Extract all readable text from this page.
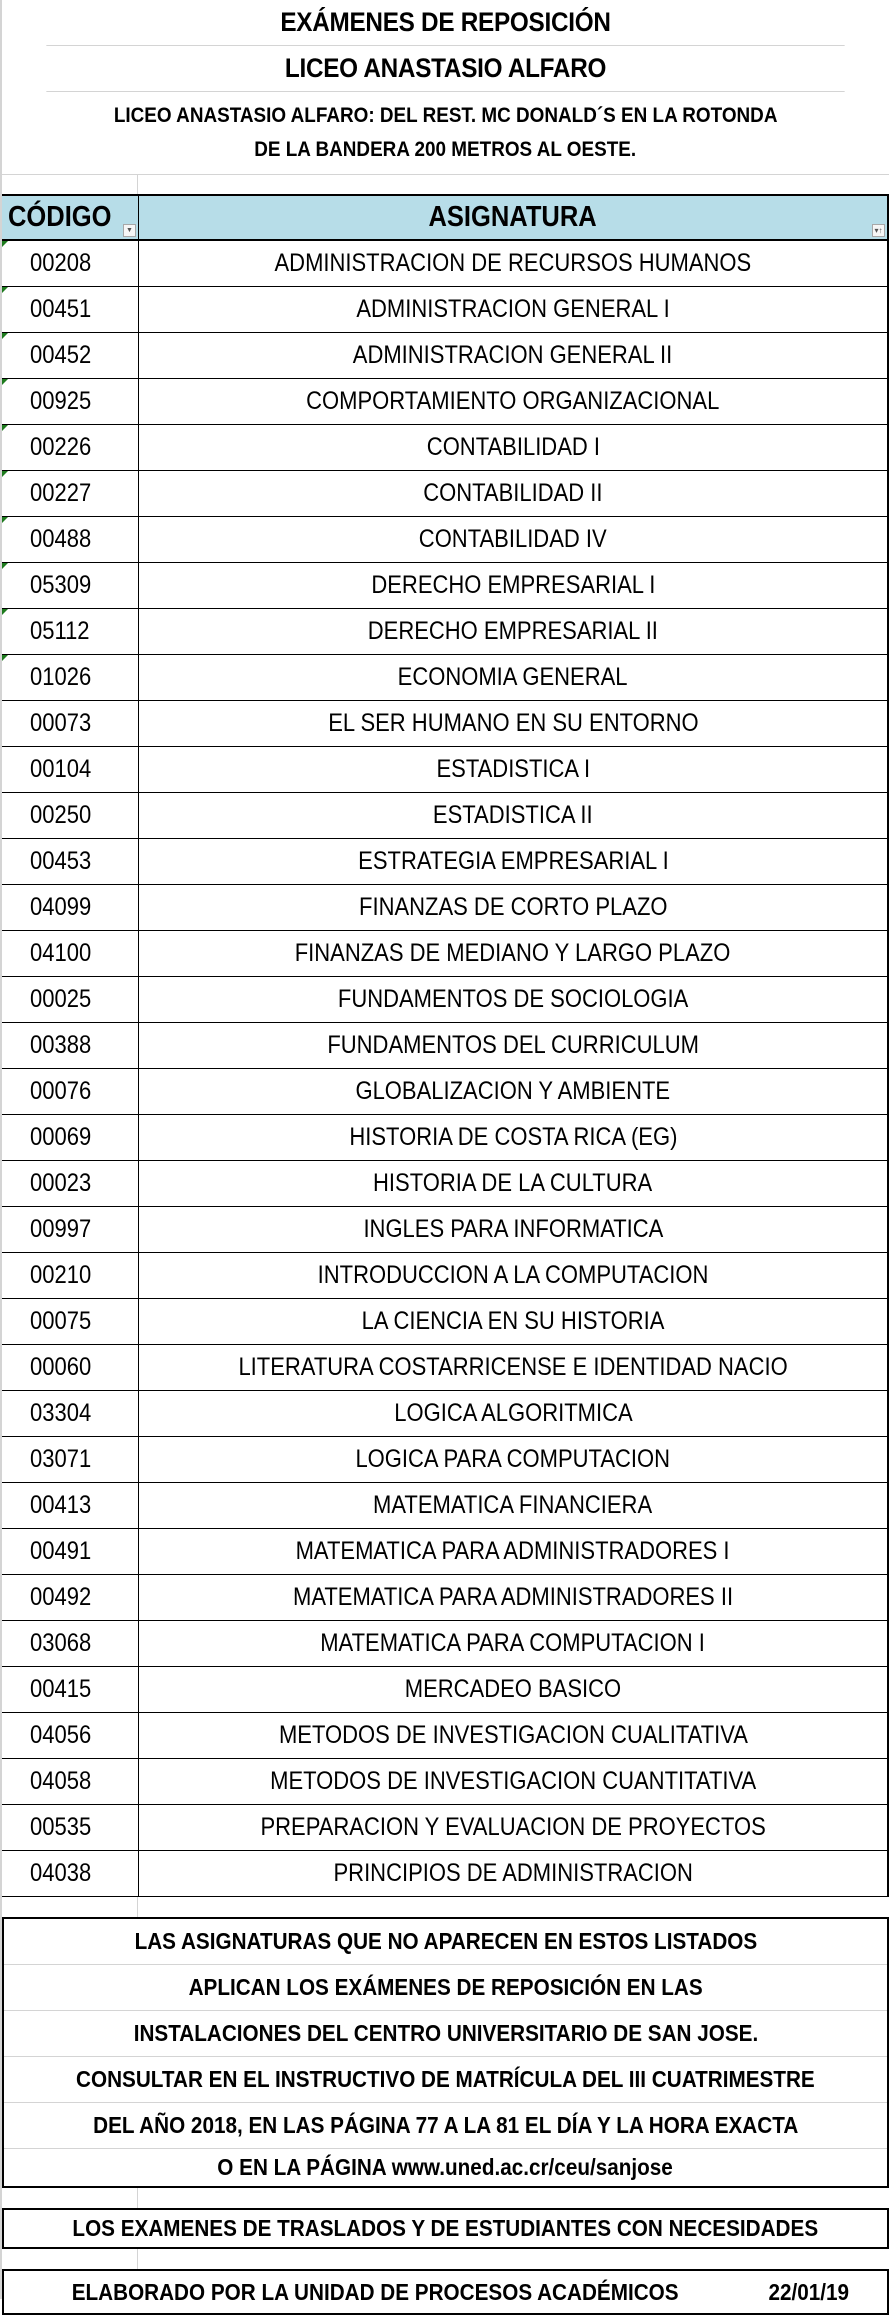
EXÁMENES DE REPOSICIÓN
LICEO ANASTASIO ALFARO
LICEO ANASTASIO ALFARO: DEL REST. MC DONALD´S EN LA ROTONDA
DE LA BANDERA 200 METROS AL OESTE.
CÓDIGO	▼	ASIGNATURA	▾↑
00208	ADMINISTRACION DE RECURSOS HUMANOS
00451	ADMINISTRACION GENERAL I
00452	ADMINISTRACION GENERAL II
00925	COMPORTAMIENTO ORGANIZACIONAL
00226	CONTABILIDAD I
00227	CONTABILIDAD II
00488	CONTABILIDAD IV
05309	DERECHO EMPRESARIAL I
05112	DERECHO EMPRESARIAL II
01026	ECONOMIA GENERAL
00073	EL SER HUMANO EN SU ENTORNO
00104	ESTADISTICA I
00250	ESTADISTICA II
00453	ESTRATEGIA EMPRESARIAL I
04099	FINANZAS DE CORTO PLAZO
04100	FINANZAS DE MEDIANO Y LARGO PLAZO
00025	FUNDAMENTOS DE SOCIOLOGIA
00388	FUNDAMENTOS DEL CURRICULUM
00076	GLOBALIZACION Y AMBIENTE
00069	HISTORIA DE COSTA RICA (EG)
00023	HISTORIA DE LA CULTURA
00997	INGLES PARA INFORMATICA
00210	INTRODUCCION A LA COMPUTACION
00075	LA CIENCIA EN SU HISTORIA
00060	LITERATURA COSTARRICENSE E IDENTIDAD NACIO
03304	LOGICA ALGORITMICA
03071	LOGICA PARA COMPUTACION
00413	MATEMATICA FINANCIERA
00491	MATEMATICA PARA ADMINISTRADORES I
00492	MATEMATICA PARA ADMINISTRADORES II
03068	MATEMATICA PARA COMPUTACION I
00415	MERCADEO BASICO
04056	METODOS DE INVESTIGACION CUALITATIVA
04058	METODOS DE INVESTIGACION CUANTITATIVA
00535	PREPARACION Y EVALUACION DE PROYECTOS
04038	PRINCIPIOS DE ADMINISTRACION
LAS ASIGNATURAS QUE NO APARECEN EN ESTOS LISTADOS
APLICAN LOS EXÁMENES DE REPOSICIÓN EN LAS
INSTALACIONES DEL CENTRO UNIVERSITARIO DE SAN JOSE.
CONSULTAR EN EL INSTRUCTIVO DE MATRÍCULA DEL III CUATRIMESTRE
DEL AÑO 2018, EN LAS PÁGINA 77 A LA 81 EL DÍA Y LA HORA EXACTA
O EN LA PÁGINA www.uned.ac.cr/ceu/sanjose
LOS EXAMENES DE TRASLADOS Y DE ESTUDIANTES CON NECESIDADES
ELABORADO POR LA UNIDAD DE PROCESOS ACADÉMICOS	22/01/19
